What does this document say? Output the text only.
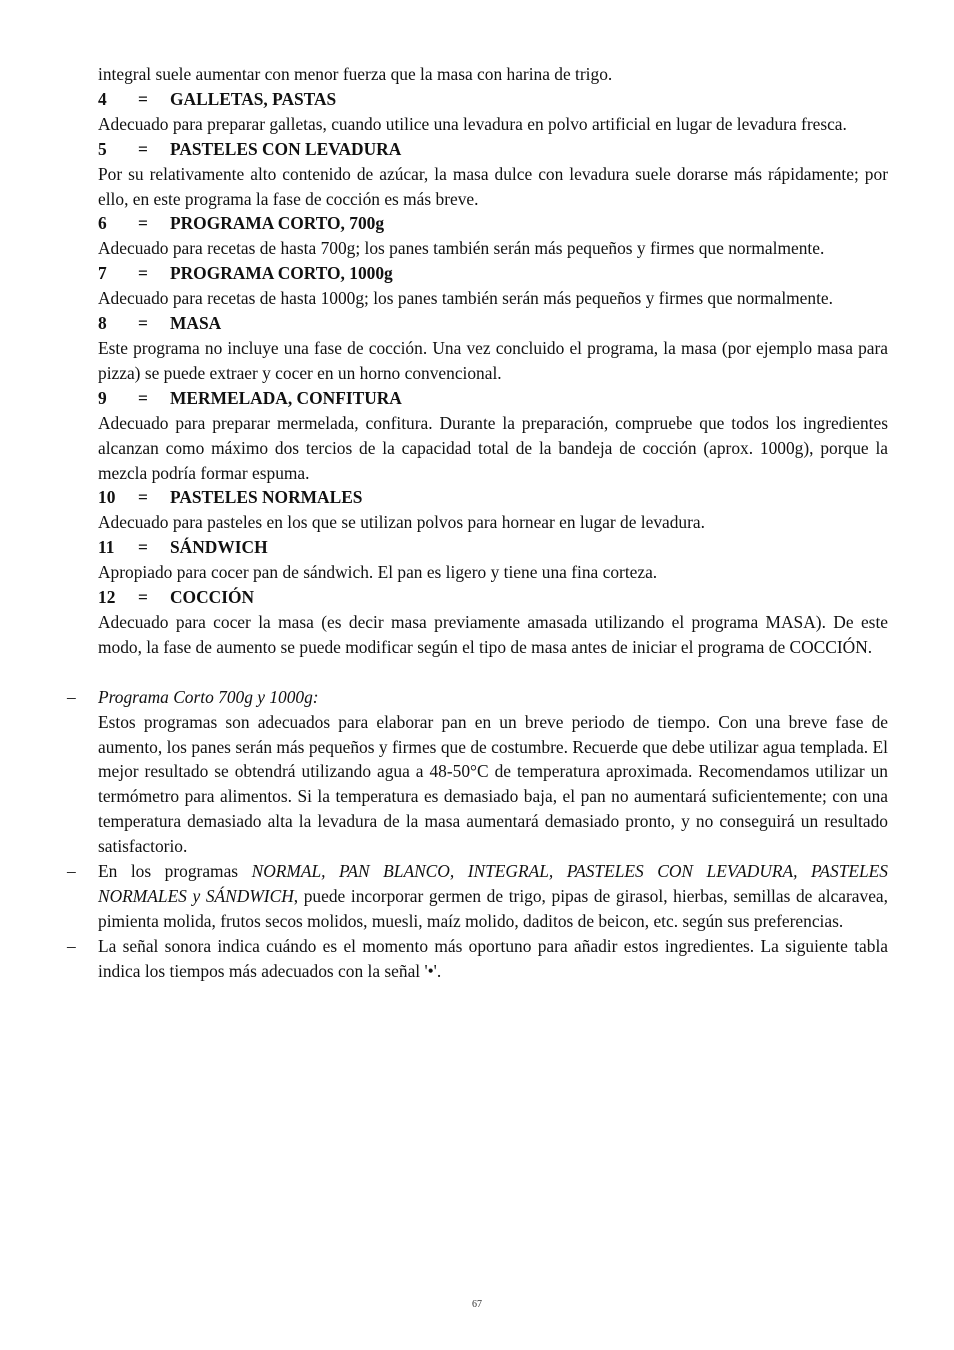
integral suele aumentar con menor fuerza que la masa con harina de trigo.

4 = GALLETAS, PASTAS

Adecuado para preparar galletas, cuando utilice una levadura en polvo artificial en lugar de levadura fresca.

5 = PASTELES CON LEVADURA

Por su relativamente alto contenido de azúcar, la masa dulce con levadura suele dorarse más rápidamente; por ello, en este programa la fase de cocción es más breve.

6 = PROGRAMA CORTO, 700g

Adecuado para recetas de hasta 700g; los panes también serán más pequeños y firmes que normalmente.

7 = PROGRAMA CORTO, 1000g

Adecuado para recetas de hasta 1000g; los panes también serán más pequeños y firmes que normalmente.

8 = MASA

Este programa no incluye una fase de cocción. Una vez concluido el programa, la masa (por ejemplo masa para pizza) se puede extraer y cocer en un horno convencional.

9 = MERMELADA, CONFITURA

Adecuado para preparar mermelada, confitura. Durante la preparación, compruebe que todos los ingredientes alcanzan como máximo dos tercios de la capacidad total de la bandeja de cocción (aprox. 1000g), porque la mezcla podría formar espuma.

10 = PASTELES NORMALES

Adecuado para pasteles en los que se utilizan polvos para hornear en lugar de levadura.

11 = SÁNDWICH

Apropiado para cocer pan de sándwich. El pan es ligero y tiene una fina corteza.

12 = COCCIÓN

Adecuado para cocer la masa (es decir masa previamente amasada utilizando el programa MASA). De este modo, la fase de aumento se puede modificar según el tipo de masa antes de iniciar el programa de COCCIÓN.

– Programa Corto 700g y 1000g:

Estos programas son adecuados para elaborar pan en un breve periodo de tiempo. Con una breve fase de aumento, los panes serán más pequeños y firmes que de costumbre. Recuerde que debe utilizar agua templada. El mejor resultado se obtendrá utilizando agua a 48-50°C de temperatura aproximada. Recomendamos utilizar un termómetro para alimentos. Si la temperatura es demasiado baja, el pan no aumentará suficientemente; con una temperatura demasiado alta la levadura de la masa aumentará demasiado pronto, y no conseguirá un resultado satisfactorio.

– En los programas NORMAL, PAN BLANCO, INTEGRAL, PASTELES CON LEVADURA, PASTELES NORMALES y SÁNDWICH, puede incorporar germen de trigo, pipas de girasol, hierbas, semillas de alcaravea, pimienta molida, frutos secos molidos, muesli, maíz molido, daditos de beicon, etc. según sus preferencias.

– La señal sonora indica cuándo es el momento más oportuno para añadir estos ingredientes. La siguiente tabla indica los tiempos más adecuados con la señal '•'.

67
